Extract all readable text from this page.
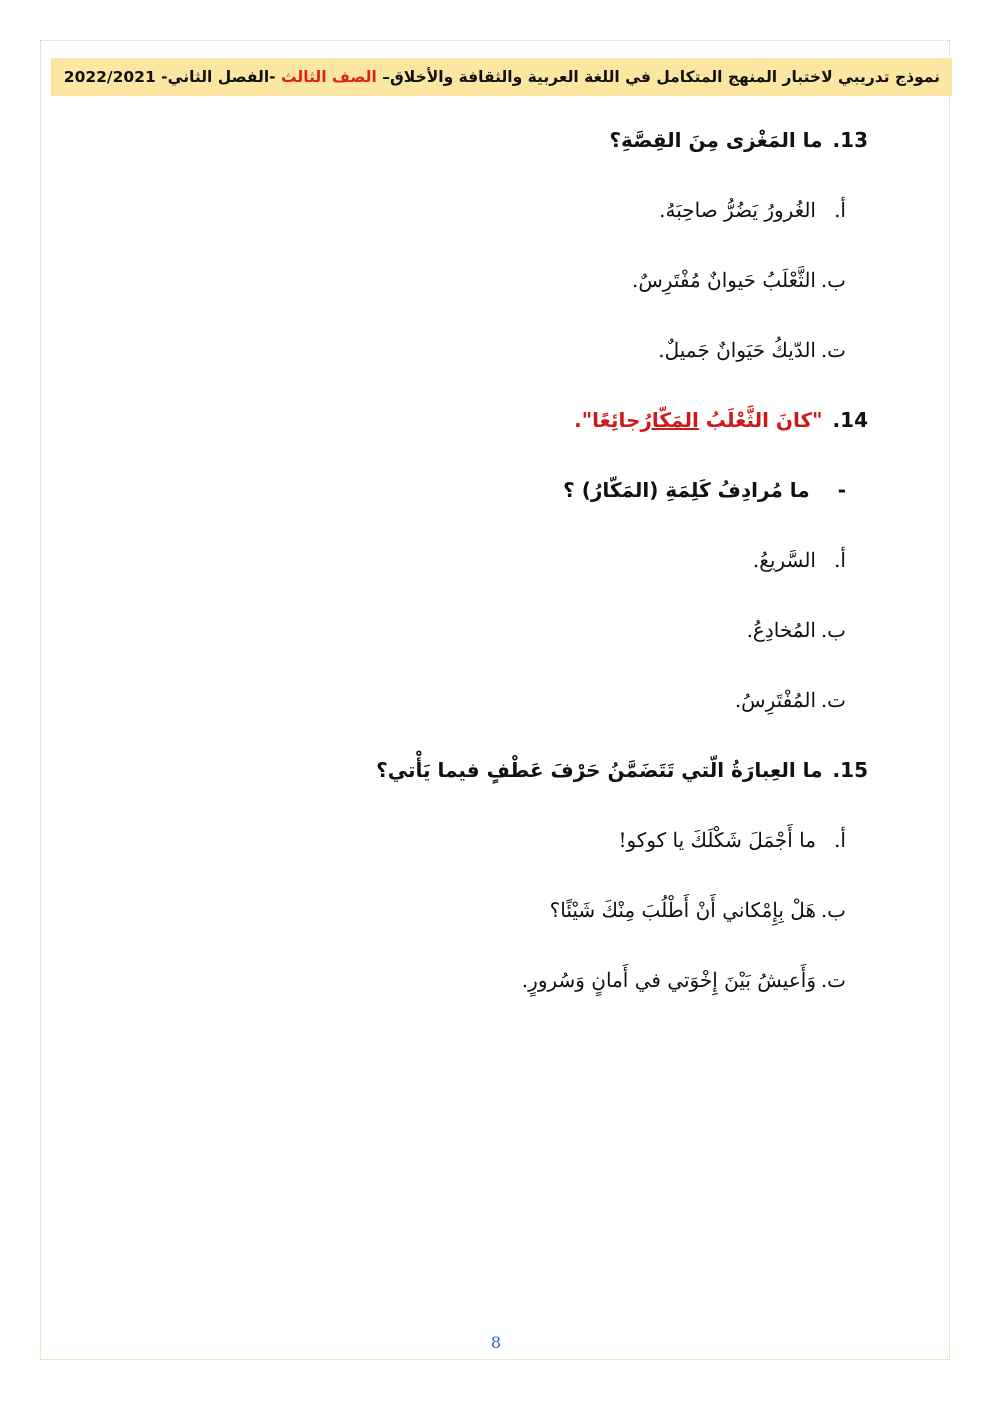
نموذج تدريبي لاختبار المنهج المتكامل في اللغة العربية والثقافة والأخلاق–

الصف الثالث

-الفصل الثاني-

2022/2021
13.ما المَغْزى مِنَ القِصَّةِ؟
أ.الغُرورُ يَضُرُّ صاحِبَهُ.
ب.الثَّعْلَبُ حَيوانٌ مُفْتَرِسٌ.
ت.الدّيكُ حَيَوانٌ جَميلٌ.
14."كانَ الثَّعْلَبُ المَكّارُجائِعًا".
-ما مُرادِفُ كَلِمَةِ (المَكّارُ) ؟
أ.السَّريعُ.
ب.المُخادِعُ.
ت.المُفْتَرِسُ.
15.ما العِبارَةُ الّتي تَتَضَمَّنُ حَرْفَ عَطْفٍ فيما يَأْتي؟
أ.ما أَجْمَلَ شَكْلَكَ يا كوكو!
ب.هَلْ بِإِمْكاني أَنْ أَطْلُبَ مِنْكَ شَيْئًا؟
ت.وَأَعيشُ بَيْنَ إِخْوَتي في أَمانٍ وَسُرورٍ.
8
